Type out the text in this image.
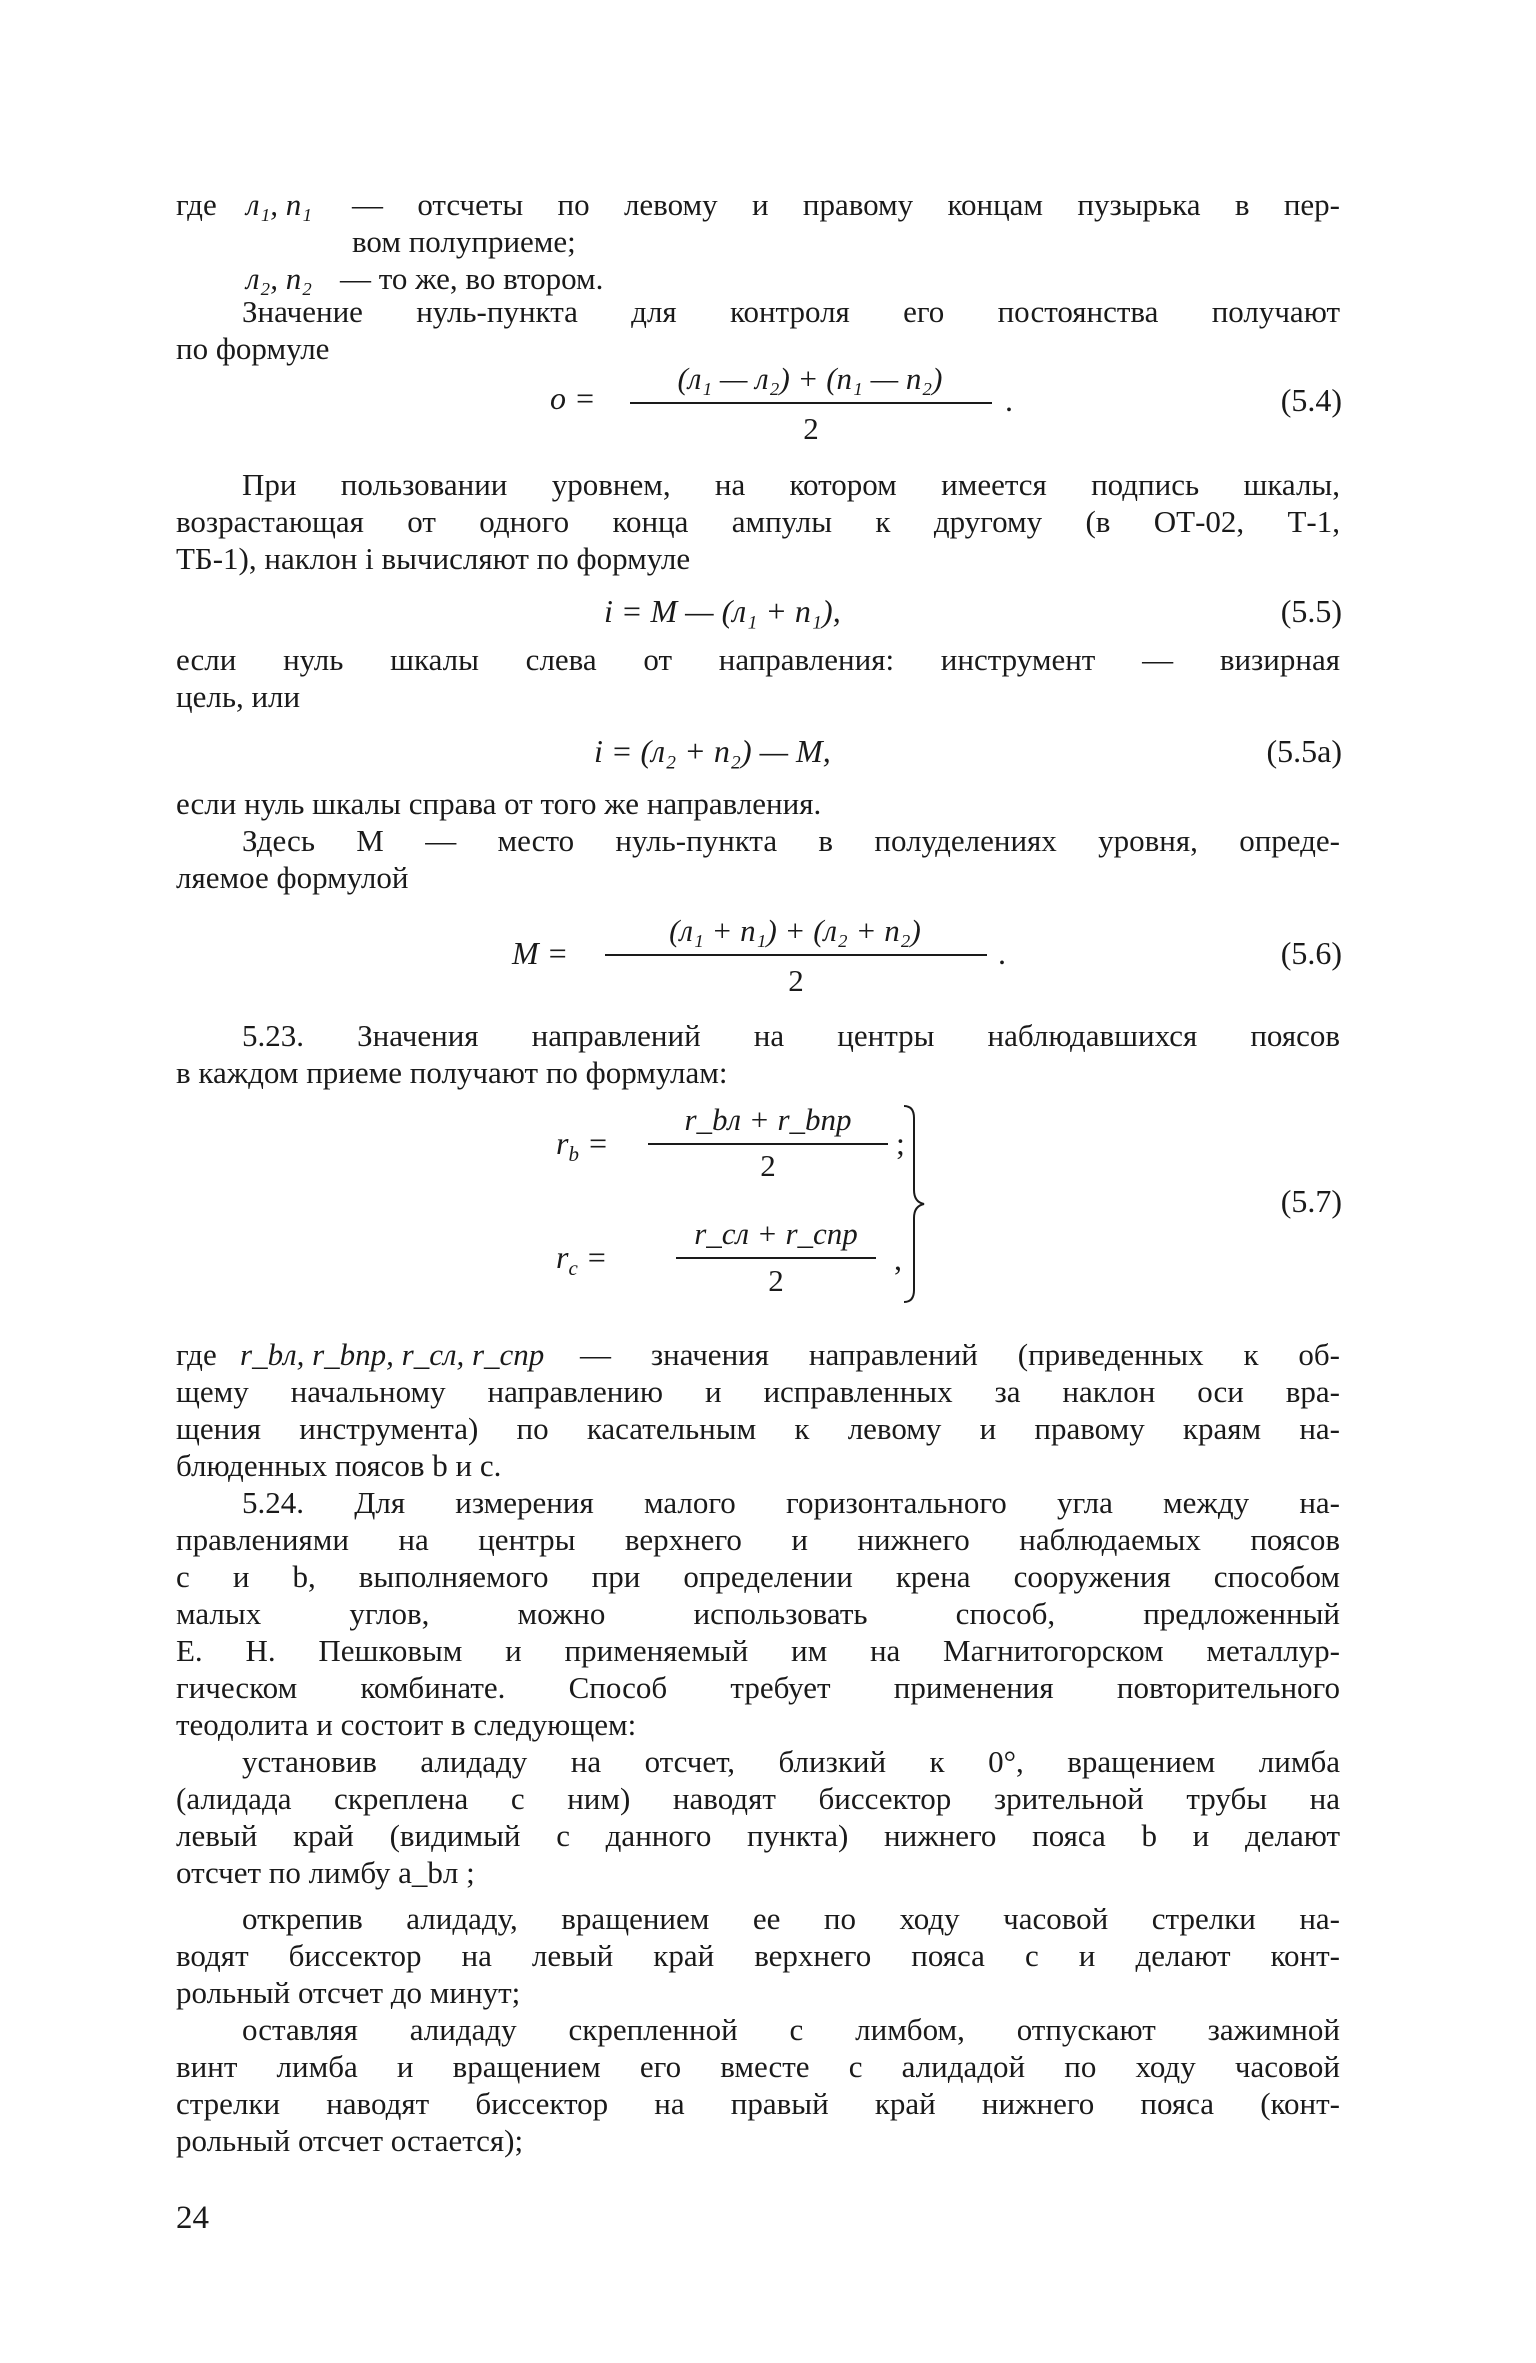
где л₁, п₁ — отсчеты по левому и правому концам пузырька в пер-
вом полуприеме;
л₂, п₂ — то же, во втором.
Значение нуль-пункта для контроля его постоянства получают
по формуле
o =
(л₁ — л₂) + (п₁ — п₂)
2
.	(5.4)
При пользовании уровнем, на котором имеется подпись шкалы,
возрастающая от одного конца ампулы к другому (в ОТ-02, Т-1,
ТБ-1), наклон i вычисляют по формуле
i = M — (л₁ + п₁),	(5.5)
если нуль шкалы слева от направления: инструмент — визирная
цель, или
i = (л₂ + п₂) — M,	(5.5а)
если нуль шкалы справа от того же направления.
Здесь M — место нуль-пункта в полуделениях уровня, опреде-
ляемое формулой
M =
(л₁ + п₁) + (л₂ + п₂)
2
.	(5.6)
5.23. Значения направлений на центры наблюдавшихся поясов
в каждом приеме получают по формулам:
$r_b$ =
r_bл + r_bпр
2
;
$r_c$ =
r_cл + r_cпр
2
,
(5.7)
где r_bл, r_bпр, r_cл, r_cпр — значения направлений (приведенных к об-
щему начальному направлению и исправленных за наклон оси вра-
щения инструмента) по касательным к левому и правому краям на-
блюденных поясов b и c.
5.24. Для измерения малого горизонтального угла между на-
правлениями на центры верхнего и нижнего наблюдаемых поясов
c и b, выполняемого при определении крена сооружения способом
малых углов, можно использовать способ, предложенный
Е. Н. Пешковым и применяемый им на Магнитогорском металлур-
гическом комбинате. Способ требует применения повторительного
теодолита и состоит в следующем:
установив алидаду на отсчет, близкий к 0°, вращением лимба
(алидада скреплена с ним) наводят биссектор зрительной трубы на
левый край (видимый с данного пункта) нижнего пояса b и делают
отсчет по лимбу a_bл ;
открепив алидаду, вращением ее по ходу часовой стрелки на-
водят биссектор на левый край верхнего пояса c и делают конт-
рольный отсчет до минут;
оставляя алидаду скрепленной с лимбом, отпускают зажимной
винт лимба и вращением его вместе с алидадой по ходу часовой
стрелки наводят биссектор на правый край нижнего пояса (конт-
рольный отсчет остается);
24
